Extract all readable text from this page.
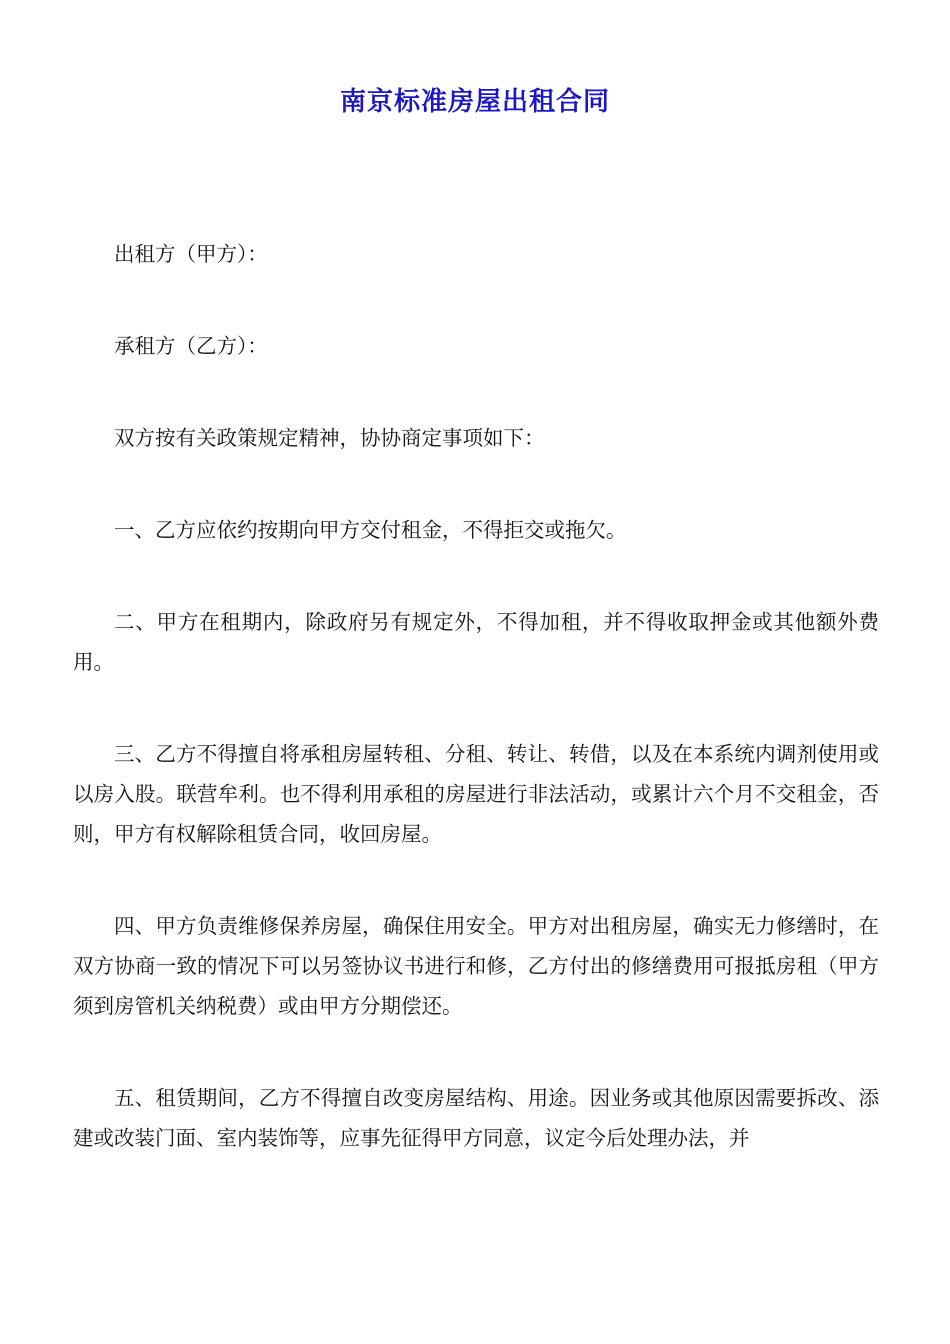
南京标准房屋出租合同

出租方（甲方）：

承租方（乙方）：

双方按有关政策规定精神，协协商定事项如下：

一、乙方应依约按期向甲方交付租金，不得拒交或拖欠。

二、甲方在租期内，除政府另有规定外，不得加租，并不得收取押金或其他额外费用。

三、乙方不得擅自将承租房屋转租、分租、转让、转借，以及在本系统内调剂使用或以房入股。联营牟利。也不得利用承租的房屋进行非法活动，或累计六个月不交租金，否则，甲方有权解除租赁合同，收回房屋。

四、甲方负责维修保养房屋，确保住用安全。甲方对出租房屋，确实无力修缮时，在双方协商一致的情况下可以另签协议书进行和修，乙方付出的修缮费用可报抵房租（甲方须到房管机关纳税费）或由甲方分期偿还。

五、租赁期间，乙方不得擅自改变房屋结构、用途。因业务或其他原因需要拆改、添建或改装门面、室内装饰等，应事先征得甲方同意，议定今后处理办法，并
